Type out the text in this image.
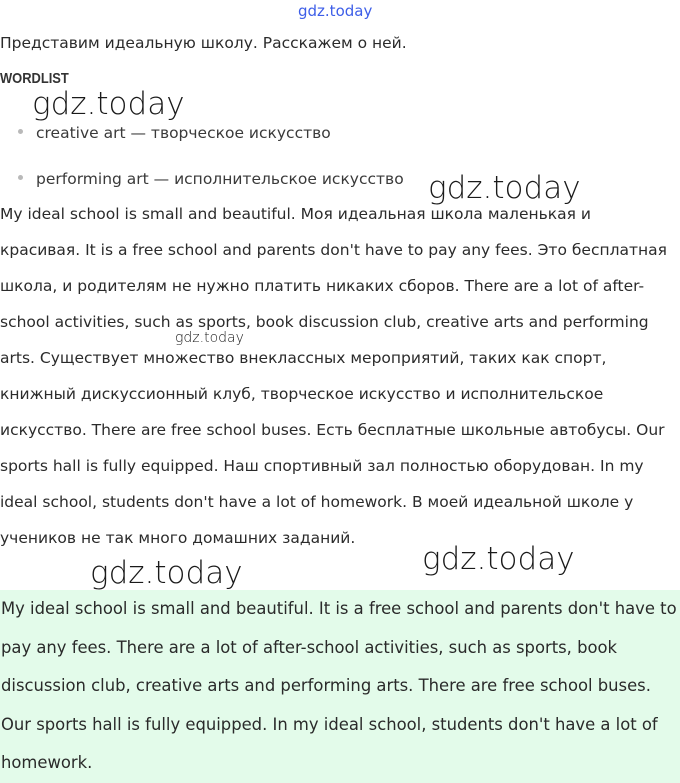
gdz.today
Представим идеальную школу. Расскажем о ней.
WORDLIST
creative art — творческое искусство
performing art — исполнительское искусство

My ideal school is small and beautiful. Моя идеальная школа маленькая и красивая. It is a free school and parents don't have to pay any fees. Это бесплатная школа, и родителям не нужно платить никаких сборов. There are a lot of after-school activities, such as sports, book discussion club, creative arts and performing arts. Существует множество внеклассных мероприятий, таких как спорт, книжный дискуссионный клуб, творческое искусство и исполнительское искусство. There are free school buses. Есть бесплатные школьные автобусы. Our sports hall is fully equipped. Наш спортивный зал полностью оборудован. In my ideal school, students don't have a lot of homework. В моей идеальной школе у учеников не так много домашних заданий.

My ideal school is small and beautiful. It is a free school and parents don't have to pay any fees. There are a lot of after-school activities, such as sports, book discussion club, creative arts and performing arts. There are free school buses. Our sports hall is fully equipped. In my ideal school, students don't have a lot of homework.

gdz.today
gdz.today
gdz.today
gdz.today
gdz.today
